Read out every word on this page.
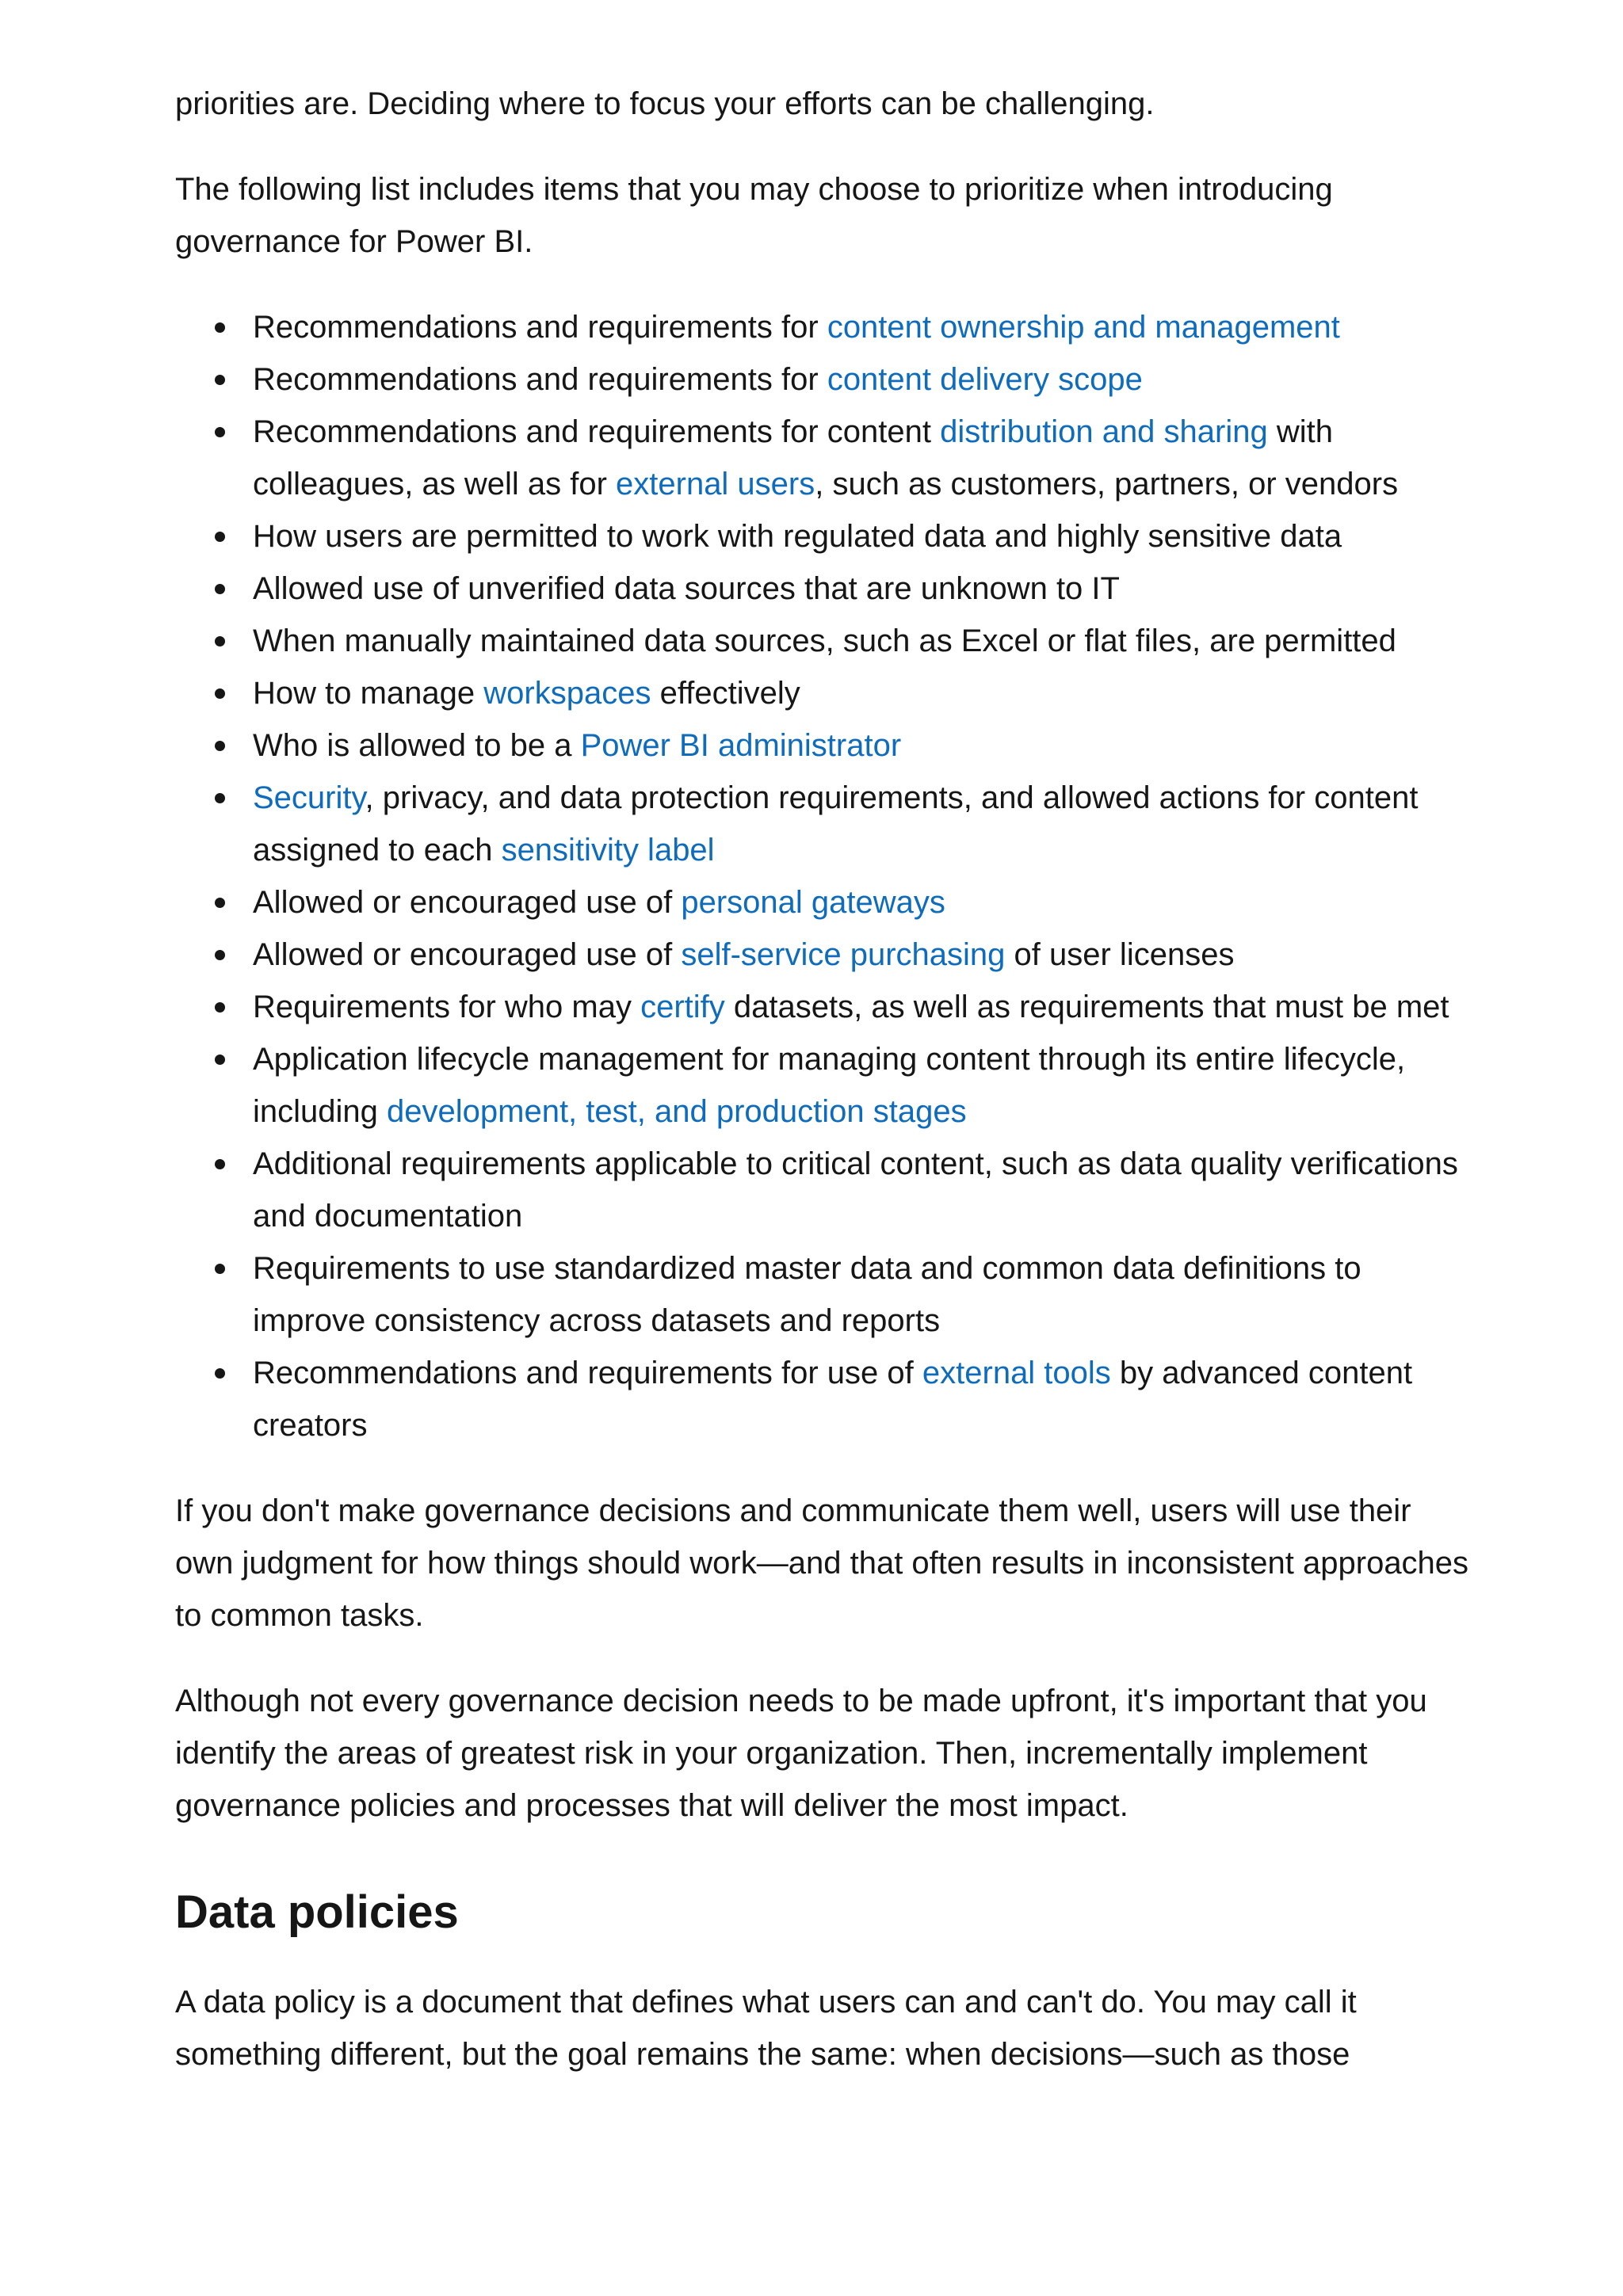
priorities are. Deciding where to focus your efforts can be challenging.

The following list includes items that you may choose to prioritize when introducing governance for Power BI.

Recommendations and requirements for content ownership and management
Recommendations and requirements for content delivery scope
Recommendations and requirements for content distribution and sharing with colleagues, as well as for external users, such as customers, partners, or vendors
How users are permitted to work with regulated data and highly sensitive data
Allowed use of unverified data sources that are unknown to IT
When manually maintained data sources, such as Excel or flat files, are permitted
How to manage workspaces effectively
Who is allowed to be a Power BI administrator
Security, privacy, and data protection requirements, and allowed actions for content assigned to each sensitivity label
Allowed or encouraged use of personal gateways
Allowed or encouraged use of self-service purchasing of user licenses
Requirements for who may certify datasets, as well as requirements that must be met
Application lifecycle management for managing content through its entire lifecycle, including development, test, and production stages
Additional requirements applicable to critical content, such as data quality verifications and documentation
Requirements to use standardized master data and common data definitions to improve consistency across datasets and reports
Recommendations and requirements for use of external tools by advanced content creators

If you don't make governance decisions and communicate them well, users will use their own judgment for how things should work—and that often results in inconsistent approaches to common tasks.

Although not every governance decision needs to be made upfront, it's important that you identify the areas of greatest risk in your organization. Then, incrementally implement governance policies and processes that will deliver the most impact.

Data policies

A data policy is a document that defines what users can and can't do. You may call it something different, but the goal remains the same: when decisions—such as those
